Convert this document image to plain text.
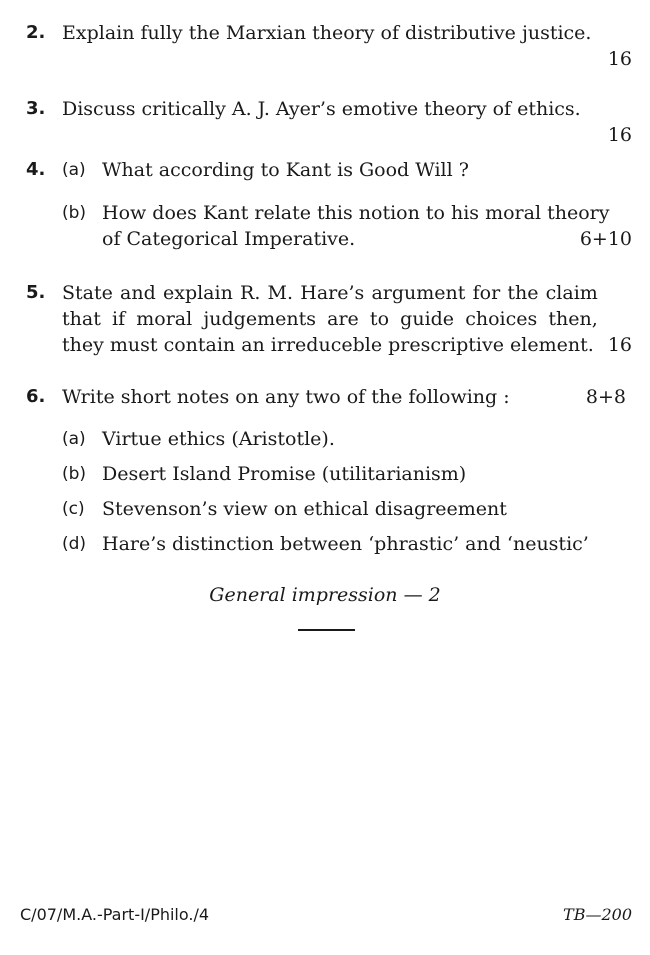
2. Explain fully the Marxian theory of distributive justice.
16
3. Discuss critically A. J. Ayer’s emotive theory of ethics.
16
4. (a) What according to Kant is Good Will ?
(b) How does Kant relate this notion to his moral theory
6+10
of Categorical Imperative.
5.
16
State and explain R. M. Hare’s argument for the claim that if moral judgements are to guide choices then, they must contain an irreduceble prescriptive element.
6.	8+8
Write short notes on any two of the following :
(a) Virtue ethics (Aristotle).
(b) Desert Island Promise (utilitarianism)
(c) Stevenson’s view on ethical disagreement
(d) Hare’s distinction between ‘phrastic’ and ‘neustic’
General impression — 2
C/07/M.A.-Part-I/Philo./4	TB—200
